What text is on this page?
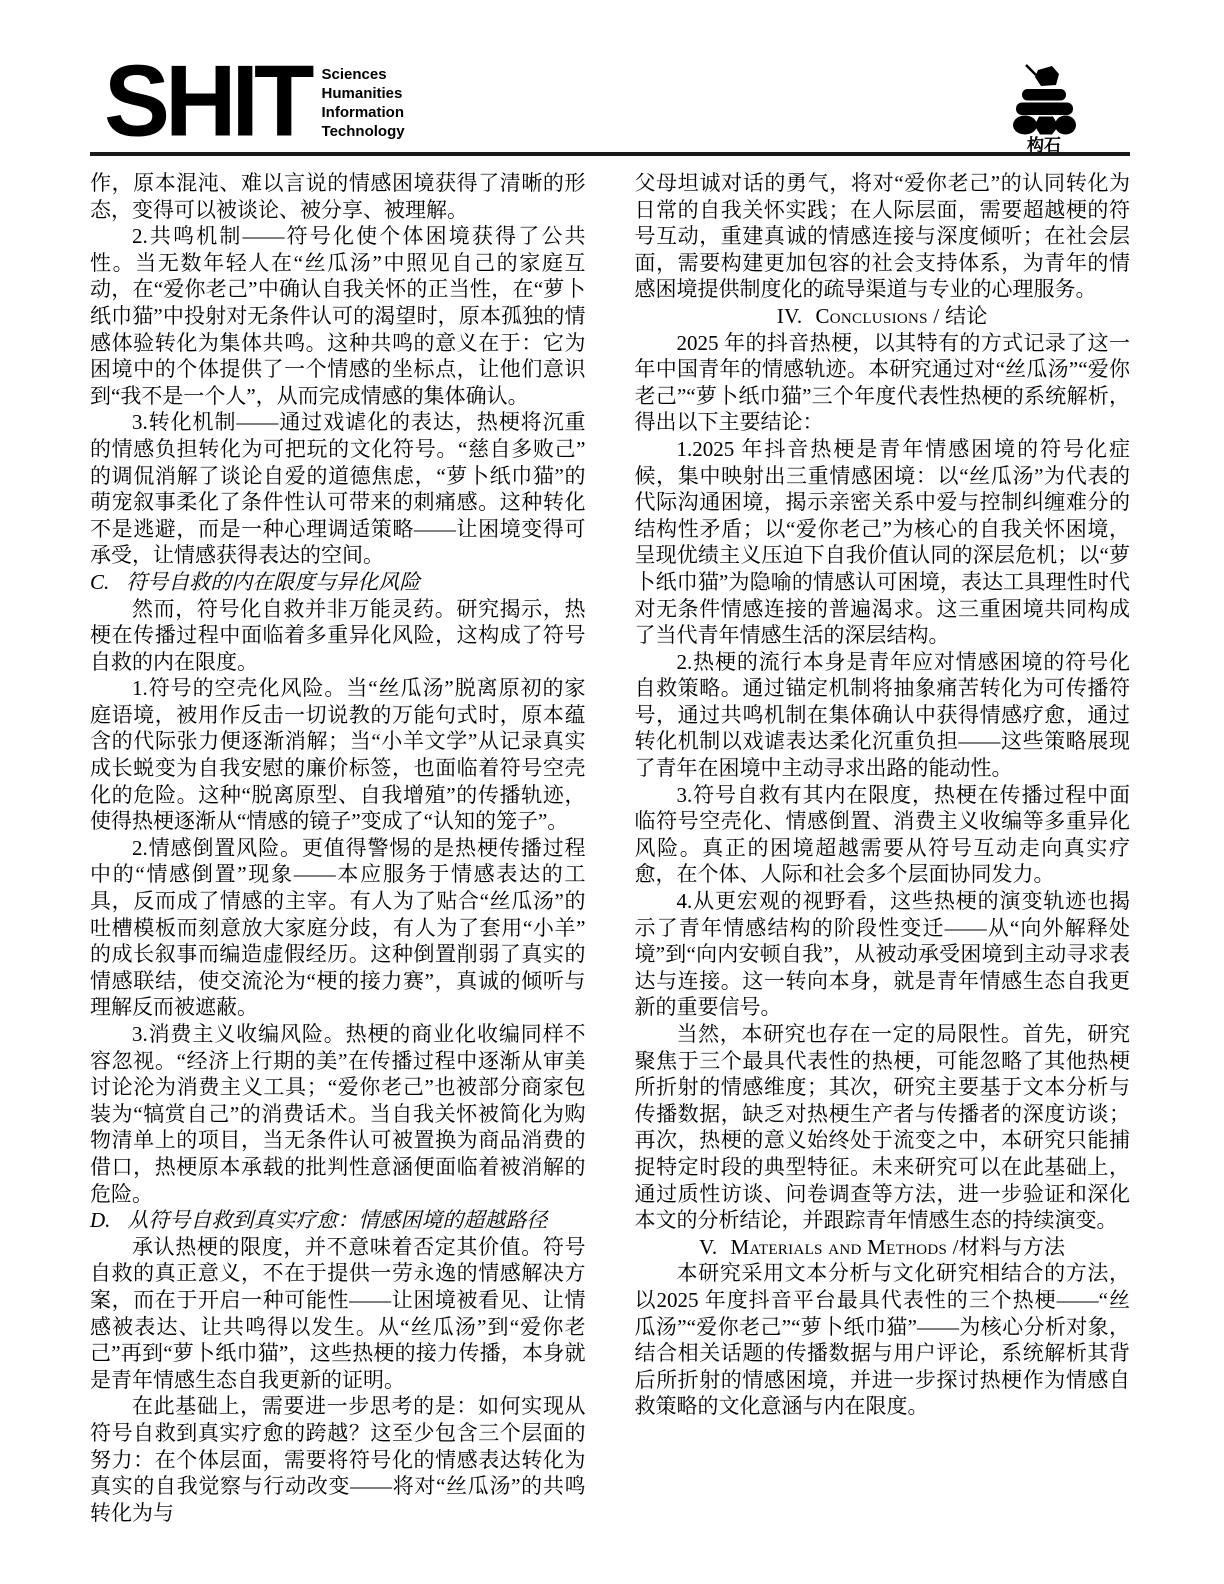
SHIT Sciences
Humanities
Information
Technology
构石
作，原本混沌、难以言说的情感困境获得了清晰的形态，变得可以被谈论、被分享、被理解。
2.共鸣机制——符号化使个体困境获得了公共性。当无数年轻人在“丝瓜汤”中照见自己的家庭互动，在“爱你老己”中确认自我关怀的正当性，在“萝卜纸巾猫”中投射对无条件认可的渴望时，原本孤独的情感体验转化为集体共鸣。这种共鸣的意义在于：它为困境中的个体提供了一个情感的坐标点，让他们意识到“我不是一个人”，从而完成情感的集体确认。
3.转化机制——通过戏谑化的表达，热梗将沉重的情感负担转化为可把玩的文化符号。“慈自多败己”的调侃消解了谈论自爱的道德焦虑，“萝卜纸巾猫”的萌宠叙事柔化了条件性认可带来的刺痛感。这种转化不是逃避，而是一种心理调适策略——让困境变得可承受，让情感获得表达的空间。
C. 符号自救的内在限度与异化风险
然而，符号化自救并非万能灵药。研究揭示，热梗在传播过程中面临着多重异化风险，这构成了符号自救的内在限度。
1.符号的空壳化风险。当“丝瓜汤”脱离原初的家庭语境，被用作反击一切说教的万能句式时，原本蕴含的代际张力便逐渐消解；当“小羊文学”从记录真实成长蜕变为自我安慰的廉价标签，也面临着符号空壳化的危险。这种“脱离原型、自我增殖”的传播轨迹，使得热梗逐渐从“情感的镜子”变成了“认知的笼子”。
2.情感倒置风险。更值得警惕的是热梗传播过程中的“情感倒置”现象——本应服务于情感表达的工具，反而成了情感的主宰。有人为了贴合“丝瓜汤”的吐槽模板而刻意放大家庭分歧，有人为了套用“小羊”的成长叙事而编造虚假经历。这种倒置削弱了真实的情感联结，使交流沦为“梗的接力赛”，真诚的倾听与理解反而被遮蔽。
3.消费主义收编风险。热梗的商业化收编同样不容忽视。“经济上行期的美”在传播过程中逐渐从审美讨论沦为消费主义工具；“爱你老己”也被部分商家包装为“犒赏自己”的消费话术。当自我关怀被简化为购物清单上的项目，当无条件认可被置换为商品消费的借口，热梗原本承载的批判性意涵便面临着被消解的危险。
D. 从符号自救到真实疗愈：情感困境的超越路径
承认热梗的限度，并不意味着否定其价值。符号自救的真正意义，不在于提供一劳永逸的情感解决方案，而在于开启一种可能性——让困境被看见、让情感被表达、让共鸣得以发生。从“丝瓜汤”到“爱你老己”再到“萝卜纸巾猫”，这些热梗的接力传播，本身就是青年情感生态自我更新的证明。
在此基础上，需要进一步思考的是：如何实现从符号自救到真实疗愈的跨越？这至少包含三个层面的努力：在个体层面，需要将符号化的情感表达转化为真实的自我觉察与行动改变——将对“丝瓜汤”的共鸣转化为与
父母坦诚对话的勇气，将对“爱你老己”的认同转化为日常的自我关怀实践；在人际层面，需要超越梗的符号互动，重建真诚的情感连接与深度倾听；在社会层面，需要构建更加包容的社会支持体系，为青年的情感困境提供制度化的疏导渠道与专业的心理服务。
IV. Conclusions / 结论
2025 年的抖音热梗，以其特有的方式记录了这一年中国青年的情感轨迹。本研究通过对“丝瓜汤”“爱你老己”“萝卜纸巾猫”三个年度代表性热梗的系统解析，得出以下主要结论：
1.2025 年抖音热梗是青年情感困境的符号化症候，集中映射出三重情感困境：以“丝瓜汤”为代表的代际沟通困境，揭示亲密关系中爱与控制纠缠难分的结构性矛盾；以“爱你老己”为核心的自我关怀困境，呈现优绩主义压迫下自我价值认同的深层危机；以“萝卜纸巾猫”为隐喻的情感认可困境，表达工具理性时代对无条件情感连接的普遍渴求。这三重困境共同构成了当代青年情感生活的深层结构。
2.热梗的流行本身是青年应对情感困境的符号化自救策略。通过锚定机制将抽象痛苦转化为可传播符号，通过共鸣机制在集体确认中获得情感疗愈，通过转化机制以戏谑表达柔化沉重负担——这些策略展现了青年在困境中主动寻求出路的能动性。
3.符号自救有其内在限度，热梗在传播过程中面临符号空壳化、情感倒置、消费主义收编等多重异化风险。真正的困境超越需要从符号互动走向真实疗愈，在个体、人际和社会多个层面协同发力。
4.从更宏观的视野看，这些热梗的演变轨迹也揭示了青年情感结构的阶段性变迁——从“向外解释处境”到“向内安顿自我”，从被动承受困境到主动寻求表达与连接。这一转向本身，就是青年情感生态自我更新的重要信号。
当然，本研究也存在一定的局限性。首先，研究聚焦于三个最具代表性的热梗，可能忽略了其他热梗所折射的情感维度；其次，研究主要基于文本分析与传播数据，缺乏对热梗生产者与传播者的深度访谈；再次，热梗的意义始终处于流变之中，本研究只能捕捉特定时段的典型特征。未来研究可以在此基础上，通过质性访谈、问卷调查等方法，进一步验证和深化本文的分析结论，并跟踪青年情感生态的持续演变。
V. Materials and Methods /材料与方法
本研究采用文本分析与文化研究相结合的方法，以2025 年度抖音平台最具代表性的三个热梗——“丝瓜汤”“爱你老己”“萝卜纸巾猫”——为核心分析对象，结合相关话题的传播数据与用户评论，系统解析其背后所折射的情感困境，并进一步探讨热梗作为情感自救策略的文化意涵与内在限度。
